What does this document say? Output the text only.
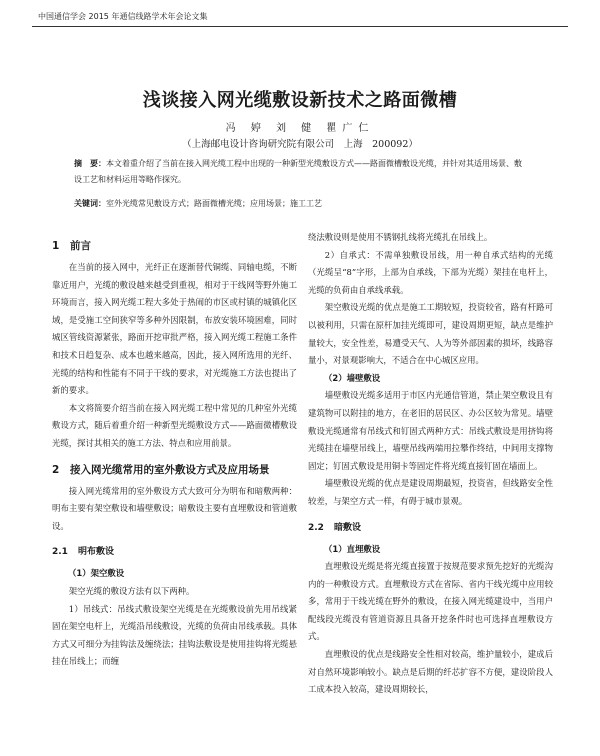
中国通信学会 2015 年通信线路学术年会论文集
浅谈接入网光缆敷设新技术之路面微槽
冯 婷 刘 健 瞿广仁
（上海邮电设计咨询研究院有限公司　上海　200092）
摘　要：本文着重介绍了当前在接入网光缆工程中出现的一种新型光缆敷设方式——路面微槽敷设光缆，并针对其适用场景、敷设工艺和材料运用等略作探究。
关键词：室外光缆常见敷设方式；路面微槽光缆；应用场景；施工工艺
1 前言

在当前的接入网中，光纤正在逐渐替代铜缆、同轴电缆，不断靠近用户，光缆的敷设越来越受到重视，相对于干线网等野外施工环境而言，接入网光缆工程大多处于热闹的市区或村镇的城镇化区域，是受施工空间狭窄等多种外因限制，布放安装环境困难，同时城区管线资源紧张，路面开挖审批严格，接入网光缆工程施工条件和技术日趋复杂、成本也越来越高，因此，接入网所选用的光纤、光缆的结构和性能有不同于干线的要求，对光缆施工方法也提出了新的要求。

本文将简要介绍当前在接入网光缆工程中常见的几种室外光缆敷设方式，随后着重介绍一种新型光缆敷设方式——路面微槽敷设光缆，探讨其相关的施工方法、特点和应用前景。

2 接入网光缆常用的室外敷设方式及应用场景

接入网光缆常用的室外敷设方式大致可分为明布和暗敷两种：明布主要有架空敷设和墙壁敷设；暗敷设主要有直埋敷设和管道敷设。

2.1 明布敷设
（1）架空敷设

架空光缆的敷设方法有以下两种。

1）吊线式：吊线式敷设架空光缆是在光缆敷设前先用吊线紧固在架空电杆上，光缆沿吊线敷设，光缆的负荷由吊线承载。具体方式又可细分为挂钩法及缠绕法；挂钩法敷设是使用挂钩将光缆悬挂在吊线上；而缠

绕法敷设则是使用不锈钢扎线将光缆扎在吊线上。

2）自承式：不需单独敷设吊线，用一种自承式结构的光缆（光缆呈“8”字形，上部为自承线，下部为光缆）架挂在电杆上，光缆的负荷由自承线承载。

架空敷设光缆的优点是施工工期较短，投资较省，路有杆路可以被利用，只需在原杆加挂光缆即可，建设周期更短，缺点是维护量较大，安全性差，易遭受天气、人为等外部因素的损坏，线路容量小，对景观影响大，不适合在中心城区应用。

（2）墙壁敷设

墙壁敷设光缆多适用于市区内光通信管道，禁止架空敷设且有建筑物可以附挂的地方，在老旧的居民区、办公区较为常见。墙壁敷设光缆通常有吊线式和钉固式两种方式：吊线式敷设是用挤钩将光缆挂在墙壁吊线上，墙壁吊线两端用拉攀作终结，中间用支撑物固定；钉固式敷设是用铜卡等固定件将光缆直接钉固在墙面上。

墙壁敷设光缆的优点是建设周期最短，投资省，但线路安全性较差，与架空方式一样，有碍于城市景观。

2.2 暗敷设
（1）直埋敷设

直埋敷设光缆是将光缆直接置于按规范要求预先挖好的光缆沟内的一种敷设方式。直埋敷设方式在省际、省内干线光缆中应用较多，常用于干线光缆在野外的敷设，在接入网光缆建设中，当用户配线段光缆没有管道资源且具备开挖条件时也可选择直埋敷设方式。

直埋敷设的优点是线路安全性相对较高，维护量较小，建成后对自然环境影响较小。缺点是后期的纤芯扩容不方便，建设阶段人工成本投入较高，建设周期较长，
